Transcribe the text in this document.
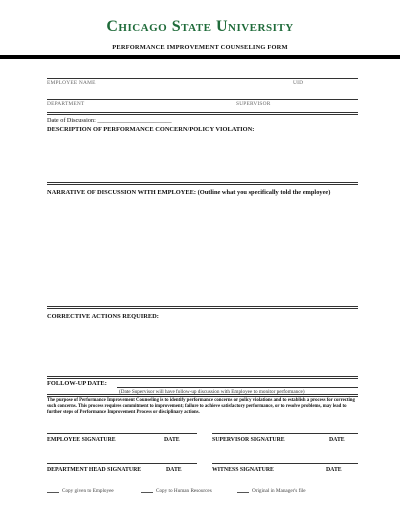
Chicago State University
PERFORMANCE IMPROVEMENT COUNSELING FORM
EMPLOYEE NAME	UID
DEPARTMENT	SUPERVISOR
Date of Discussion: ________________________
DESCRIPTION OF PERFORMANCE CONCERN/POLICY VIOLATION:
NARRATIVE OF DISCUSSION WITH EMPLOYEE: (Outline what you specifically told the employee)
CORRECTIVE ACTIONS REQUIRED:
FOLLOW-UP DATE:
(Date Supervisor will have follow-up discussion with Employee to monitor performance)
The purpose of Performance Improvement Counseling is to identify performance concerns or policy violations and to establish a process for correcting such concerns. This process requires commitment to improvement; failure to achieve satisfactory performance, or to resolve problems, may lead to further steps of Performance Improvement Process or disciplinary actions.
EMPLOYEE SIGNATURE	DATE	SUPERVISOR SIGNATURE	DATE
DEPARTMENT HEAD SIGNATURE	DATE	WITNESS SIGNATURE	DATE
Copy given to Employee	Copy to Human Resources	Original in Manager's file
